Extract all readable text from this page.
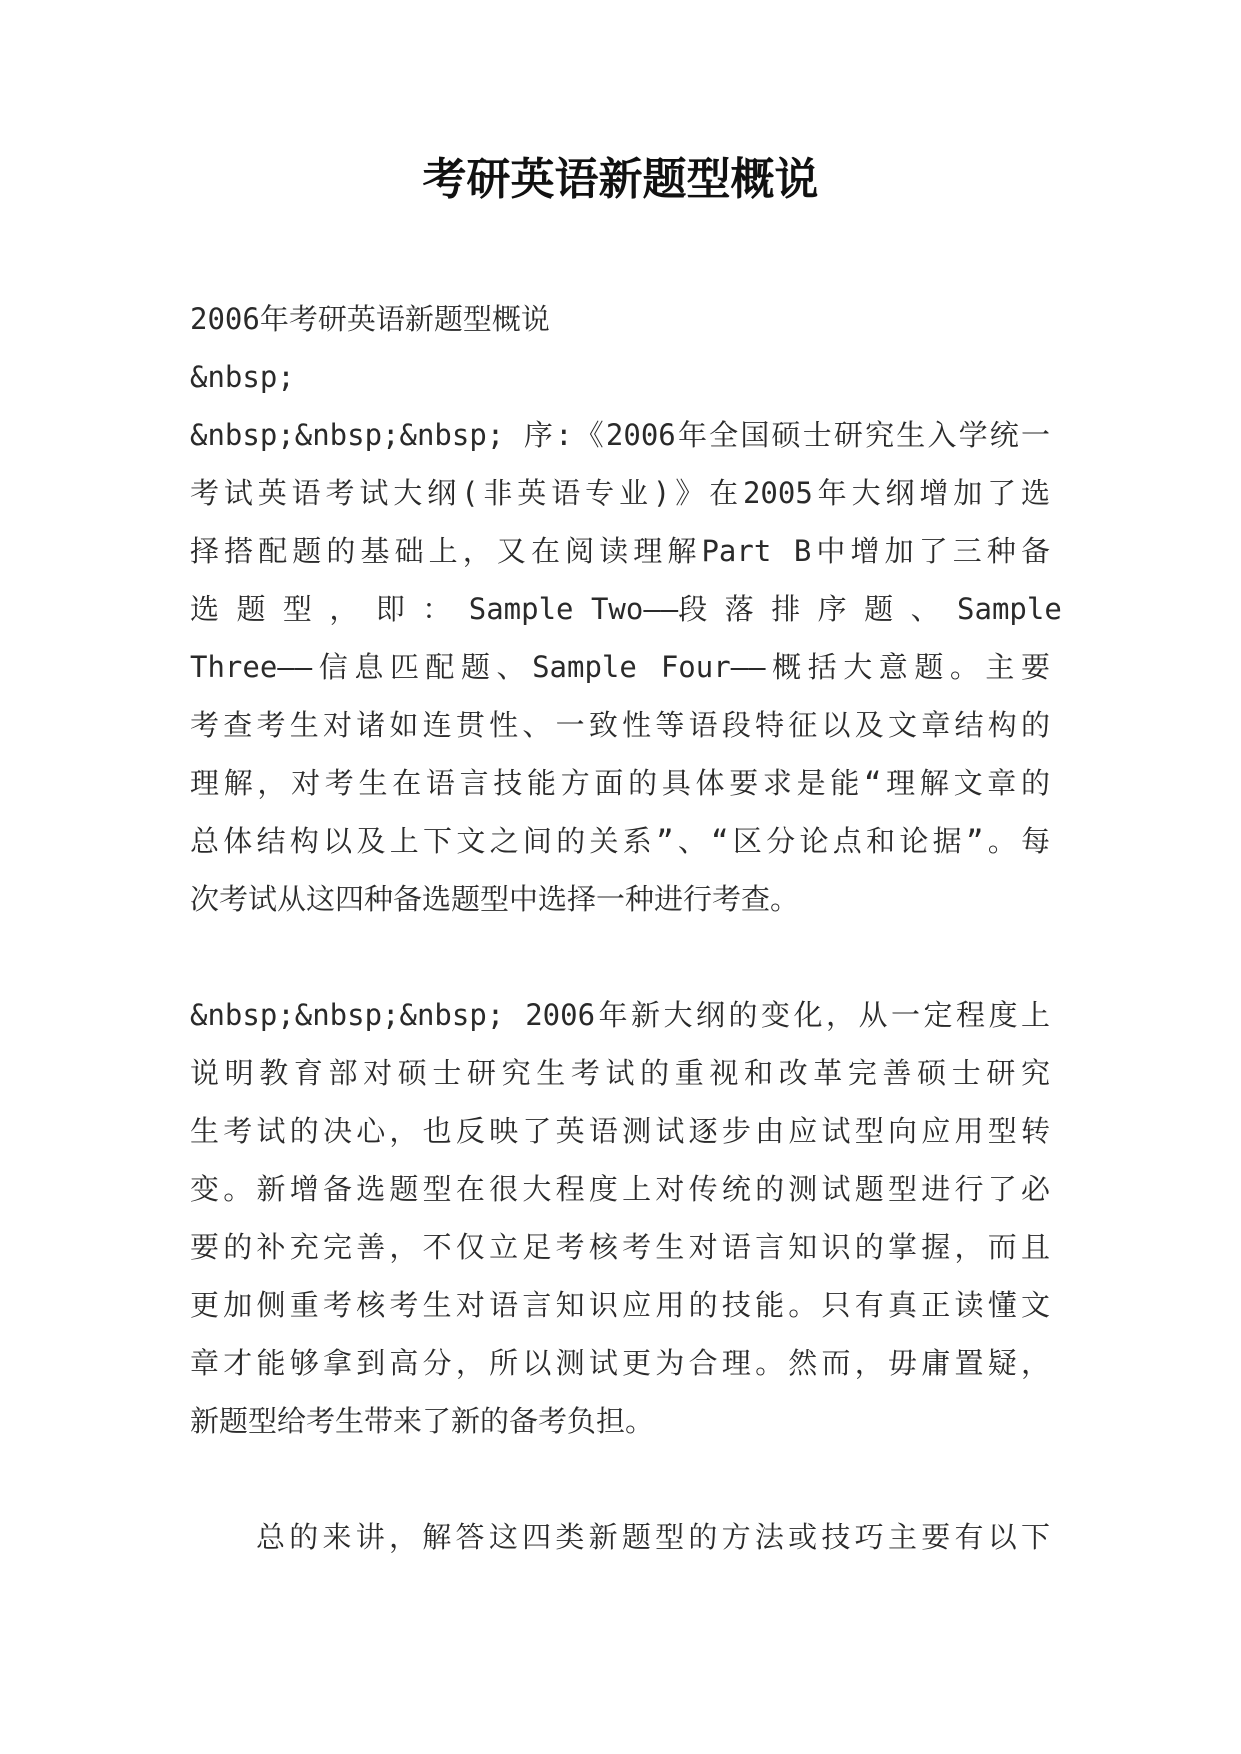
考研英语新题型概说
2006年考研英语新题型概说
&nbsp;
&nbsp;&nbsp;&nbsp; 序:《2006年全国硕士研究生入学统一
考试英语考试大纲(非英语专业)》在2005年大纲增加了选
择搭配题的基础上，又在阅读理解Part B中增加了三种备
选 题 型 ， 即 ： Sample Two——段 落 排 序 题 、 Sample
Three——信息匹配题、Sample Four——概括大意题。主要
考查考生对诸如连贯性、一致性等语段特征以及文章结构的
理解，对考生在语言技能方面的具体要求是能“理解文章的
总体结构以及上下文之间的关系”、“区分论点和论据”。每
次考试从这四种备选题型中选择一种进行考查。
&nbsp;&nbsp;&nbsp; 2006年新大纲的变化，从一定程度上
说明教育部对硕士研究生考试的重视和改革完善硕士研究
生考试的决心，也反映了英语测试逐步由应试型向应用型转
变。新增备选题型在很大程度上对传统的测试题型进行了必
要的补充完善，不仅立足考核考生对语言知识的掌握，而且
更加侧重考核考生对语言知识应用的技能。只有真正读懂文
章才能够拿到高分，所以测试更为合理。然而，毋庸置疑，
新题型给考生带来了新的备考负担。
总的来讲，解答这四类新题型的方法或技巧主要有以下
